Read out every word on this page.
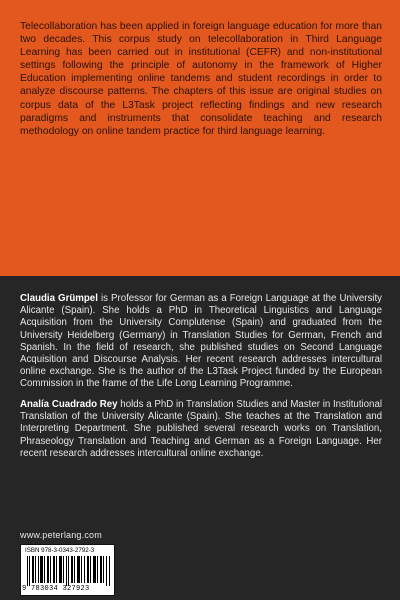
Telecollaboration has been applied in foreign language education for more than two decades. This corpus study on telecollaboration in Third Language Learning has been carried out in institutional (CEFR) and non-institutional settings following the principle of autonomy in the framework of Higher Education implementing online tandems and student recordings in order to analyze discourse patterns. The chapters of this issue are original studies on corpus data of the L3Task project reflecting findings and new research paradigms and instruments that consolidate teaching and research methodology on online tandem practice for third language learning.

Claudia Grümpel is Professor for German as a Foreign Language at the University Alicante (Spain). She holds a PhD in Theoretical Linguistics and Language Acquisition from the University Complutense (Spain) and graduated from the University Heidelberg (Germany) in Translation Studies for German, French and Spanish. In the field of research, she published studies on Second Language Acquisition and Discourse Analysis. Her recent research addresses intercultural online exchange. She is the author of the L3Task Project funded by the European Commission in the frame of the Life Long Learning Programme.

Analía Cuadrado Rey holds a PhD in Translation Studies and Master in Institutional Translation of the University Alicante (Spain). She teaches at the Translation and Interpreting Department. She published several research works on Translation, Phraseology Translation and Teaching and German as a Foreign Language. Her recent research addresses intercultural online exchange.

www.peterlang.com
ISBN 978-3-0343-2792-3
9 783034 327923
